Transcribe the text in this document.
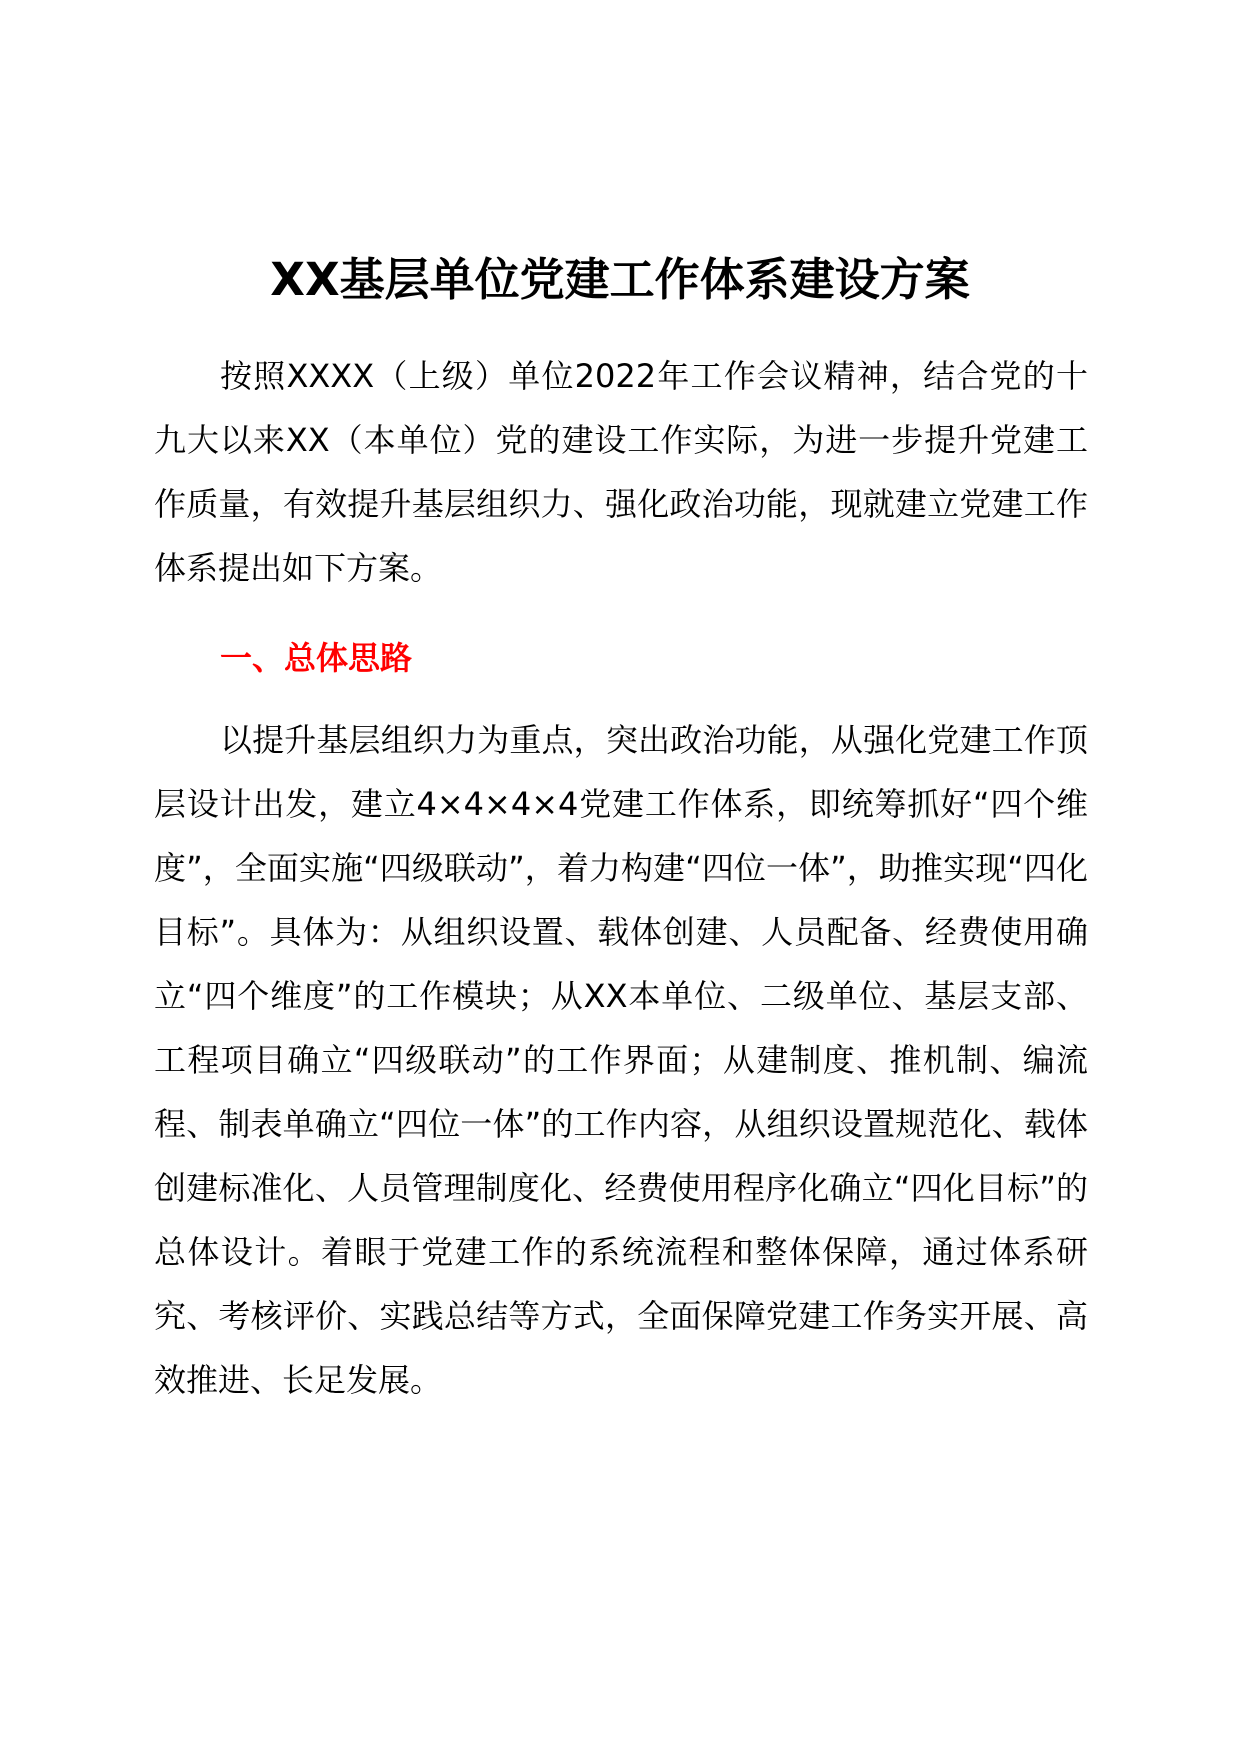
XX基层单位党建工作体系建设方案

按照XXXX（上级）单位2022年工作会议精神，结合党的十九大以来XX（本单位）党的建设工作实际，为进一步提升党建工作质量，有效提升基层组织力、强化政治功能，现就建立党建工作体系提出如下方案。

一、总体思路

以提升基层组织力为重点，突出政治功能，从强化党建工作顶层设计出发，建立4×4×4×4党建工作体系，即统筹抓好“四个维度”，全面实施“四级联动”，着力构建“四位一体”，助推实现“四化目标”。具体为：从组织设置、载体创建、人员配备、经费使用确立“四个维度”的工作模块；从XX本单位、二级单位、基层支部、工程项目确立“四级联动”的工作界面；从建制度、推机制、编流程、制表单确立“四位一体”的工作内容，从组织设置规范化、载体创建标准化、人员管理制度化、经费使用程序化确立“四化目标”的总体设计。着眼于党建工作的系统流程和整体保障，通过体系研究、考核评价、实践总结等方式，全面保障党建工作务实开展、高效推进、长足发展。
